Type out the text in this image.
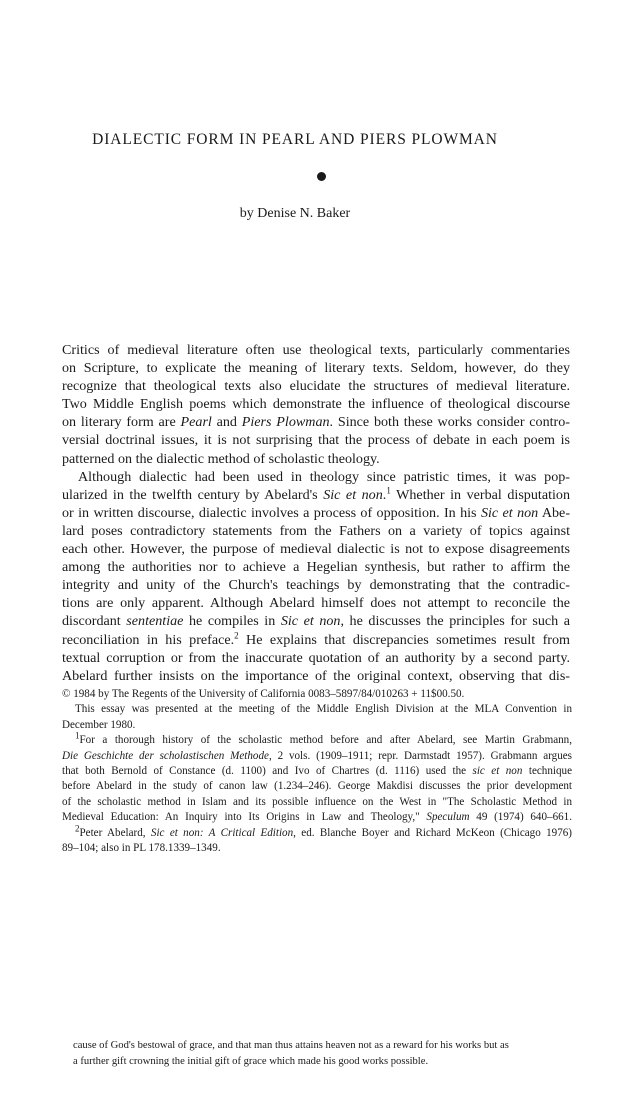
DIALECTIC FORM IN PEARL AND PIERS PLOWMAN

by Denise N. Baker

Critics of medieval literature often use theological texts, particularly commentaries
on Scripture, to explicate the meaning of literary texts. Seldom, however, do they
recognize that theological texts also elucidate the structures of medieval literature.
Two Middle English poems which demonstrate the influence of theological discourse
on literary form are Pearl and Piers Plowman. Since both these works consider contro-
versial doctrinal issues, it is not surprising that the process of debate in each poem is
patterned on the dialectic method of scholastic theology.
Although dialectic had been used in theology since patristic times, it was pop-
ularized in the twelfth century by Abelard's Sic et non.$^1$ Whether in verbal disputation
or in written discourse, dialectic involves a process of opposition. In his Sic et non Abe-
lard poses contradictory statements from the Fathers on a variety of topics against
each other. However, the purpose of medieval dialectic is not to expose disagreements
among the authorities nor to achieve a Hegelian synthesis, but rather to affirm the
integrity and unity of the Church's teachings by demonstrating that the contradic-
tions are only apparent. Although Abelard himself does not attempt to reconcile the
discordant sententiae he compiles in Sic et non, he discusses the principles for such a
reconciliation in his preface.$^2$ He explains that discrepancies sometimes result from
textual corruption or from the inaccurate quotation of an authority by a second party.
Abelard further insists on the importance of the original context, observing that dis-
© 1984 by The Regents of the University of California 0083–5897/84/010263 + 11$00.50.
This essay was presented at the meeting of the Middle English Division at the MLA Convention in
December 1980.
$^1$For a thorough history of the scholastic method before and after Abelard, see Martin Grabmann,
Die Geschichte der scholastischen Methode, 2 vols. (1909–1911; repr. Darmstadt 1957). Grabmann argues
that both Bernold of Constance (d. 1100) and Ivo of Chartres (d. 1116) used the sic et non technique
before Abelard in the study of canon law (1.234–246). George Makdisi discusses the prior development
of the scholastic method in Islam and its possible influence on the West in "The Scholastic Method in
Medieval Education: An Inquiry into Its Origins in Law and Theology," Speculum 49 (1974) 640–661.
$^2$Peter Abelard, Sic et non: A Critical Edition, ed. Blanche Boyer and Richard McKeon (Chicago 1976)
89–104; also in PL 178.1339–1349.
cause of God's bestowal of grace, and that man thus attains heaven not as a reward for his works but as
a further gift crowning the initial gift of grace which made his good works possible.
